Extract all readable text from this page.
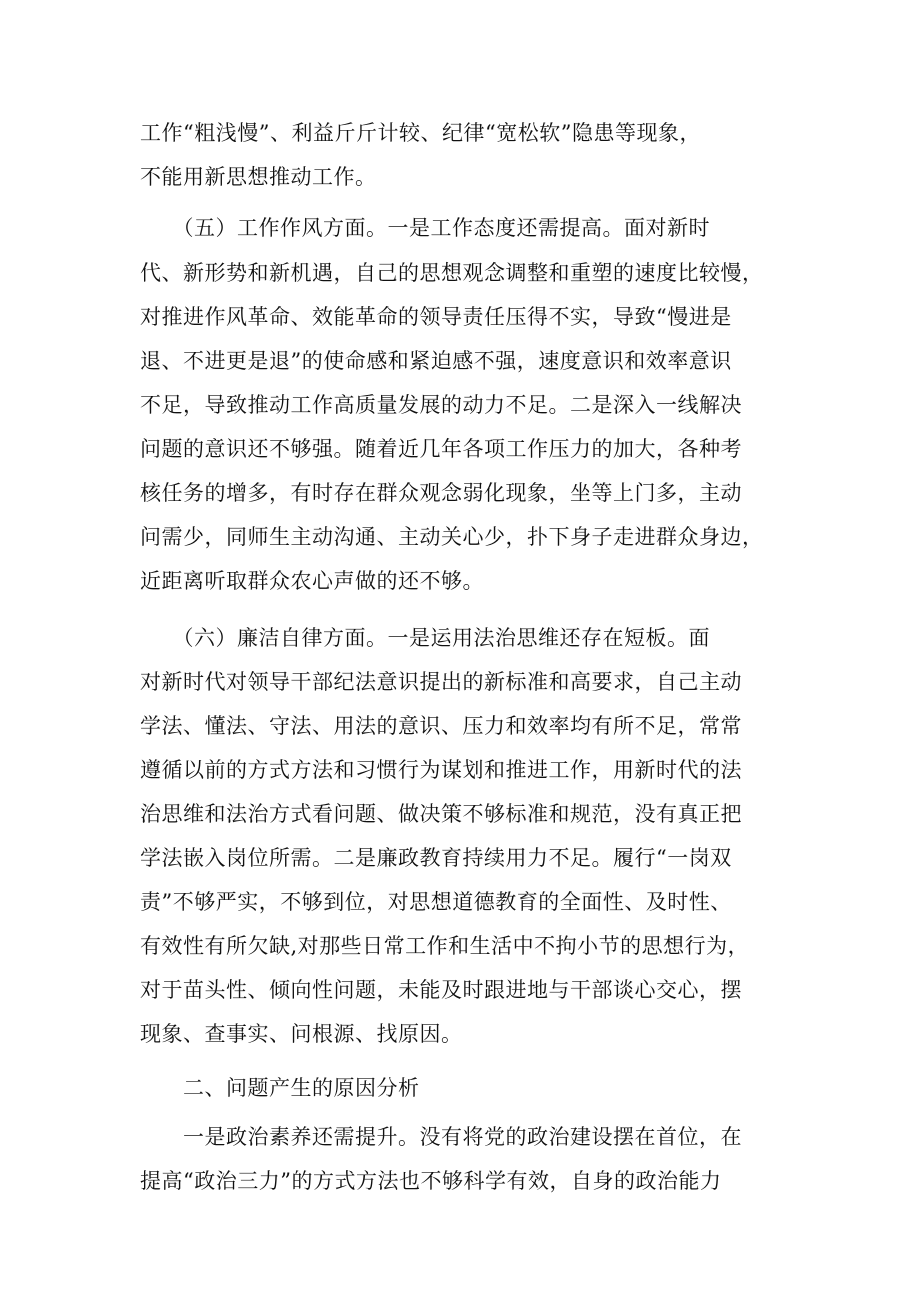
工作“粗浅慢”、利益斤斤计较、纪律“宽松软”隐患等现象，
不能用新思想推动工作。
　　（五）工作作风方面。一是工作态度还需提高。面对新时
代、新形势和新机遇，自己的思想观念调整和重塑的速度比较慢，
对推进作风革命、效能革命的领导责任压得不实，导致“慢进是
退、不进更是退”的使命感和紧迫感不强，速度意识和效率意识
不足，导致推动工作高质量发展的动力不足。二是深入一线解决
问题的意识还不够强。随着近几年各项工作压力的加大，各种考
核任务的增多，有时存在群众观念弱化现象，坐等上门多，主动
问需少，同师生主动沟通、主动关心少，扑下身子走进群众身边，
近距离听取群众农心声做的还不够。
　　（六）廉洁自律方面。一是运用法治思维还存在短板。面
对新时代对领导干部纪法意识提出的新标准和高要求，自己主动
学法、懂法、守法、用法的意识、压力和效率均有所不足，常常
遵循以前的方式方法和习惯行为谋划和推进工作，用新时代的法
治思维和法治方式看问题、做决策不够标准和规范，没有真正把
学法嵌入岗位所需。二是廉政教育持续用力不足。履行“一岗双
责”不够严实，不够到位，对思想道德教育的全面性、及时性、
有效性有所欠缺,对那些日常工作和生活中不拘小节的思想行为，
对于苗头性、倾向性问题，未能及时跟进地与干部谈心交心，摆
现象、查事实、问根源、找原因。
　　二、问题产生的原因分析
　　一是政治素养还需提升。没有将党的政治建设摆在首位，在
提高“政治三力”的方式方法也不够科学有效，自身的政治能力
